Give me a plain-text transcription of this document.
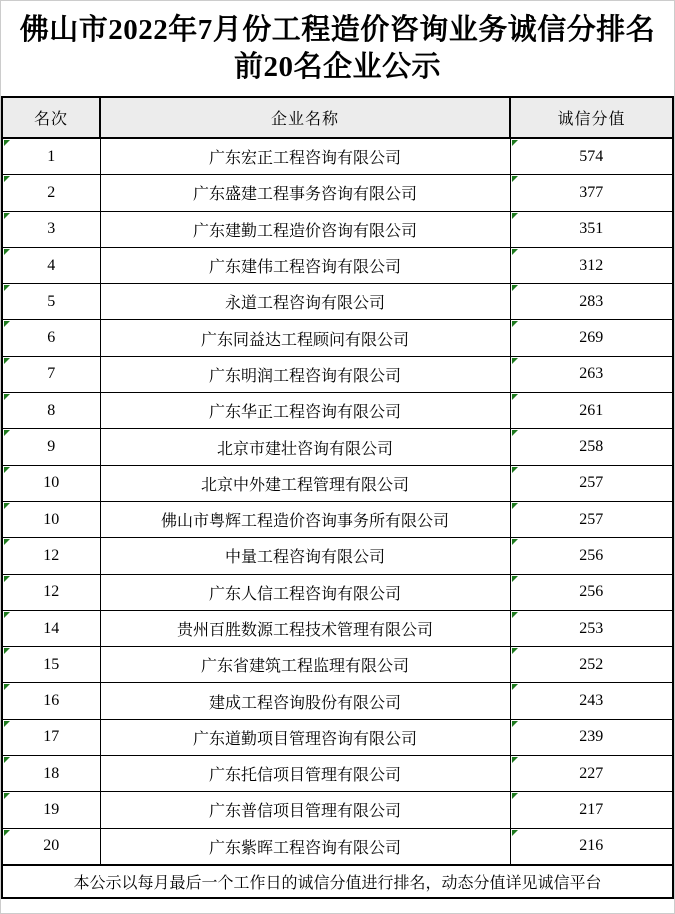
佛山市2022年7月份工程造价咨询业务诚信分排名
前20名企业公示
名次	企业名称	诚信分值

1	广东宏正工程咨询有限公司	574

2	广东盛建工程事务咨询有限公司	377

3	广东建勤工程造价咨询有限公司	351

4	广东建伟工程咨询有限公司	312

5	永道工程咨询有限公司	283

6	广东同益达工程顾问有限公司	269

7	广东明润工程咨询有限公司	263

8	广东华正工程咨询有限公司	261

9	北京市建壮咨询有限公司	258

10	北京中外建工程管理有限公司	257

10	佛山市粤辉工程造价咨询事务所有限公司	257

12	中量工程咨询有限公司	256

12	广东人信工程咨询有限公司	256

14	贵州百胜数源工程技术管理有限公司	253

15	广东省建筑工程监理有限公司	252

16	建成工程咨询股份有限公司	243

17	广东道勤项目管理咨询有限公司	239

18	广东托信项目管理有限公司	227

19	广东普信项目管理有限公司	217

20	广东紫晖工程咨询有限公司	216
本公示以每月最后一个工作日的诚信分值进行排名，动态分值详见诚信平台		
